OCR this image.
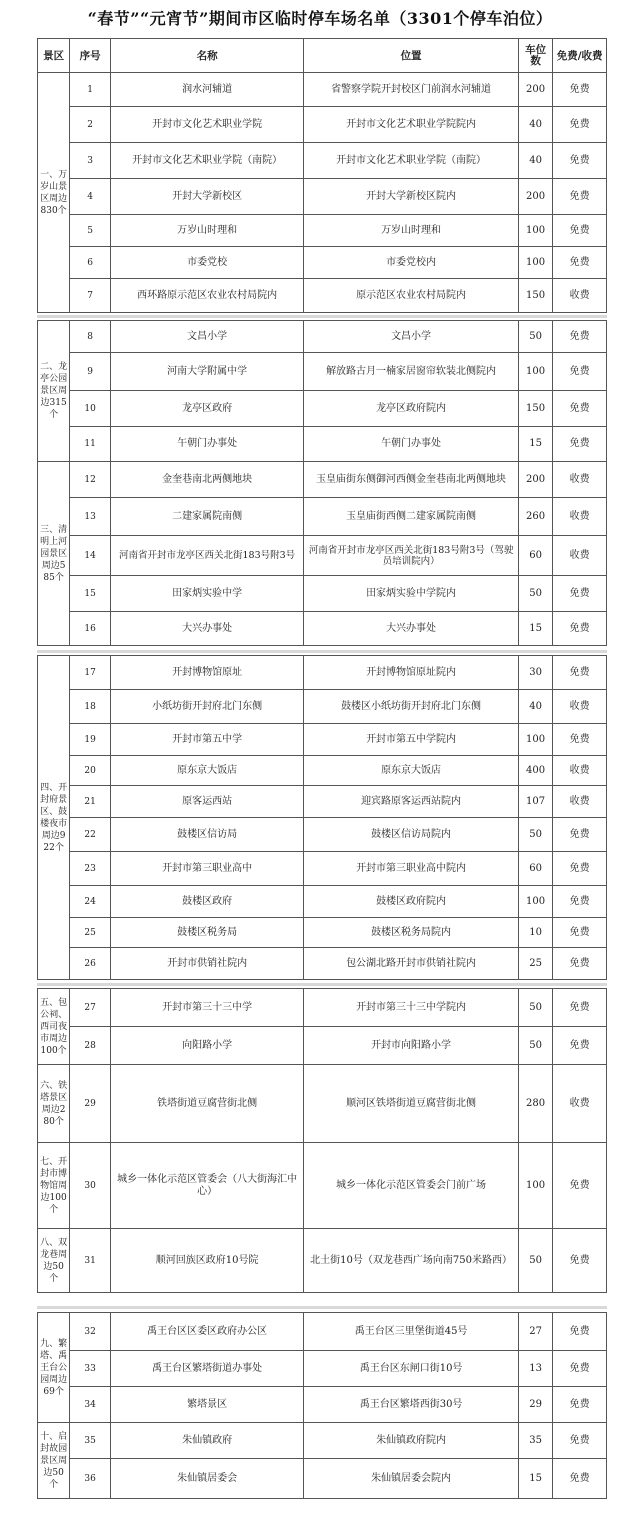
“春节”“元宵节”期间市区临时停车场名单（3301个停车泊位）
景区	序号	名称	位置	车位数	免费/收费
一、万岁山景区周边830个	1	润水河辅道	省警察学院开封校区门前润水河辅道	200	免费
	2	开封市文化艺术职业学院	开封市文化艺术职业学院院内	40	免费
	3	开封市文化艺术职业学院（南院）	开封市文化艺术职业学院（南院）	40	免费
	4	开封大学新校区	开封大学新校区院内	200	免费
	5	万岁山时理和	万岁山时理和	100	免费
	6	市委党校	市委党校内	100	免费
	7	西环路原示范区农业农村局院内	原示范区农业农村局院内	150	收费
二、龙亭公园景区周边315个	8	文昌小学	文昌小学	50	免费
	9	河南大学附属中学	解放路古月一楠家居窗帘软装北侧院内	100	免费
	10	龙亭区政府	龙亭区政府院内	150	免费
	11	午朝门办事处	午朝门办事处	15	免费
三、清明上河园景区周边585个	12	金奎巷南北两侧地块	玉皇庙街东侧御河西侧金奎巷南北两侧地块	200	收费
	13	二建家属院南侧	玉皇庙街西侧二建家属院南侧	260	收费
	14	河南省开封市龙亭区西关北街183号附3号	河南省开封市龙亭区西关北街183号附3号（驾驶员培训院内）	60	收费
	15	田家炳实验中学	田家炳实验中学院内	50	免费
	16	大兴办事处	大兴办事处	15	免费
四、开封府景区、鼓楼夜市周边922个	17	开封博物馆原址	开封博物馆原址院内	30	免费
	18	小纸坊街开封府北门东侧	鼓楼区小纸坊街开封府北门东侧	40	收费
	19	开封市第五中学	开封市第五中学院内	100	免费
	20	原东京大饭店	原东京大饭店	400	收费
	21	原客运西站	迎宾路原客运西站院内	107	收费
	22	鼓楼区信访局	鼓楼区信访局院内	50	免费
	23	开封市第三职业高中	开封市第三职业高中院内	60	免费
	24	鼓楼区政府	鼓楼区政府院内	100	免费
	25	鼓楼区税务局	鼓楼区税务局院内	10	免费
	26	开封市供销社院内	包公湖北路开封市供销社院内	25	免费
五、包公祠、西司夜市周边100个	27	开封市第三十三中学	开封市第三十三中学院内	50	免费
	28	向阳路小学	开封市向阳路小学	50	免费
六、铁塔景区周边280个	29	铁塔街道豆腐营街北侧	顺河区铁塔街道豆腐营街北侧	280	收费
七、开封市博物馆周边100个	30	城乡一体化示范区管委会（八大街海汇中心）	城乡一体化示范区管委会门前广场	100	免费
八、双龙巷周边50个	31	顺河回族区政府10号院	北土街10号（双龙巷西广场向南750米路西）	50	免费
九、繁塔、禹王台公园周边69个	32	禹王台区区委区政府办公区	禹王台区三里堡街道45号	27	免费
	33	禹王台区繁塔街道办事处	禹王台区东闸口街10号	13	免费
	34	繁塔景区	禹王台区繁塔西街30号	29	免费
十、启封故园景区周边50个	35	朱仙镇政府	朱仙镇政府院内	35	免费
	36	朱仙镇居委会	朱仙镇居委会院内	15	免费
